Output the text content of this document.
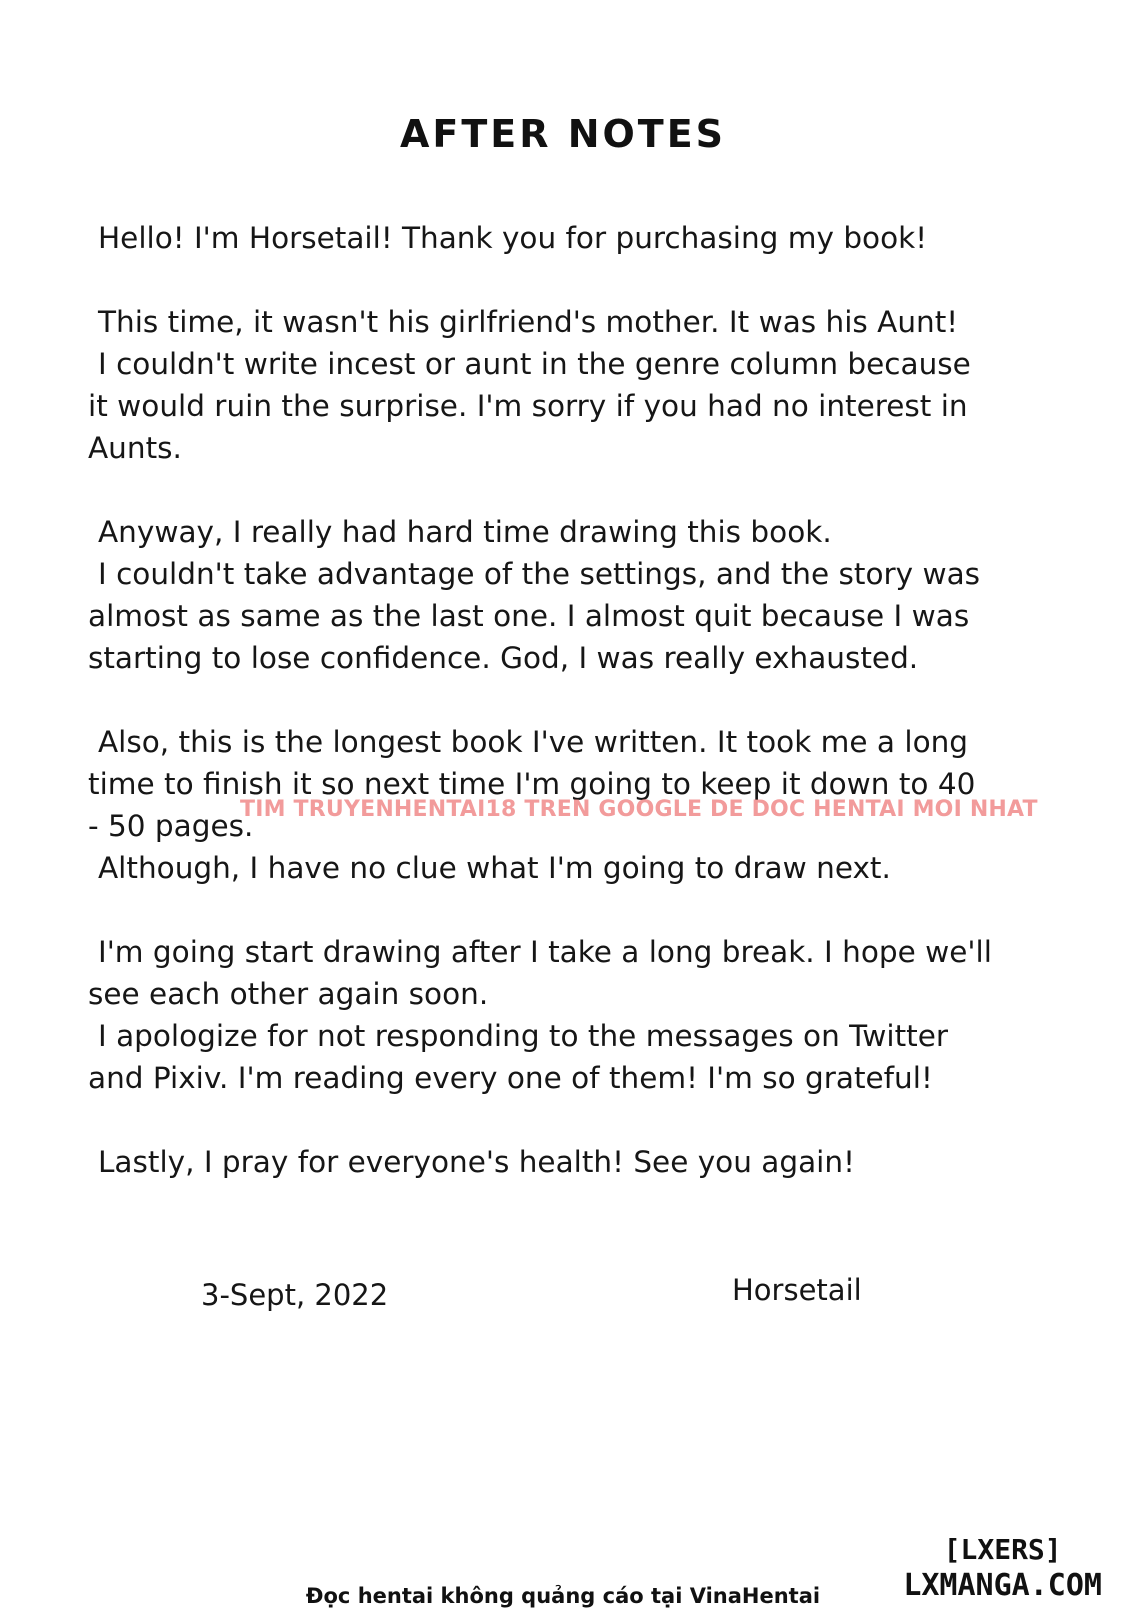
AFTER NOTES
Hello! I'm Horsetail! Thank you for purchasing my book!
This time, it wasn't his girlfriend's mother. It was his Aunt!
I couldn't write incest or aunt in the genre column because
it would ruin the surprise. I'm sorry if you had no interest in
Aunts.
Anyway, I really had hard time drawing this book.
I couldn't take advantage of the settings, and the story was
almost as same as the last one. I almost quit because I was
starting to lose confidence. God, I was really exhausted.
Also, this is the longest book I've written. It took me a long
time to finish it so next time I'm going to keep it down to 40
- 50 pages.
Although, I have no clue what I'm going to draw next.
I'm going start drawing after I take a long break. I hope we'll
see each other again soon.
I apologize for not responding to the messages on Twitter
and Pixiv. I'm reading every one of them! I'm so grateful!
Lastly, I pray for everyone's health! See you again!
TIM TRUYENHENTAI18 TREN GOOGLE DE DOC HENTAI MOI NHAT
3-Sept, 2022	Horsetail
[LXERS]
LXMANGA.COM
Đọc hentai không quảng cáo tại VinaHentai
